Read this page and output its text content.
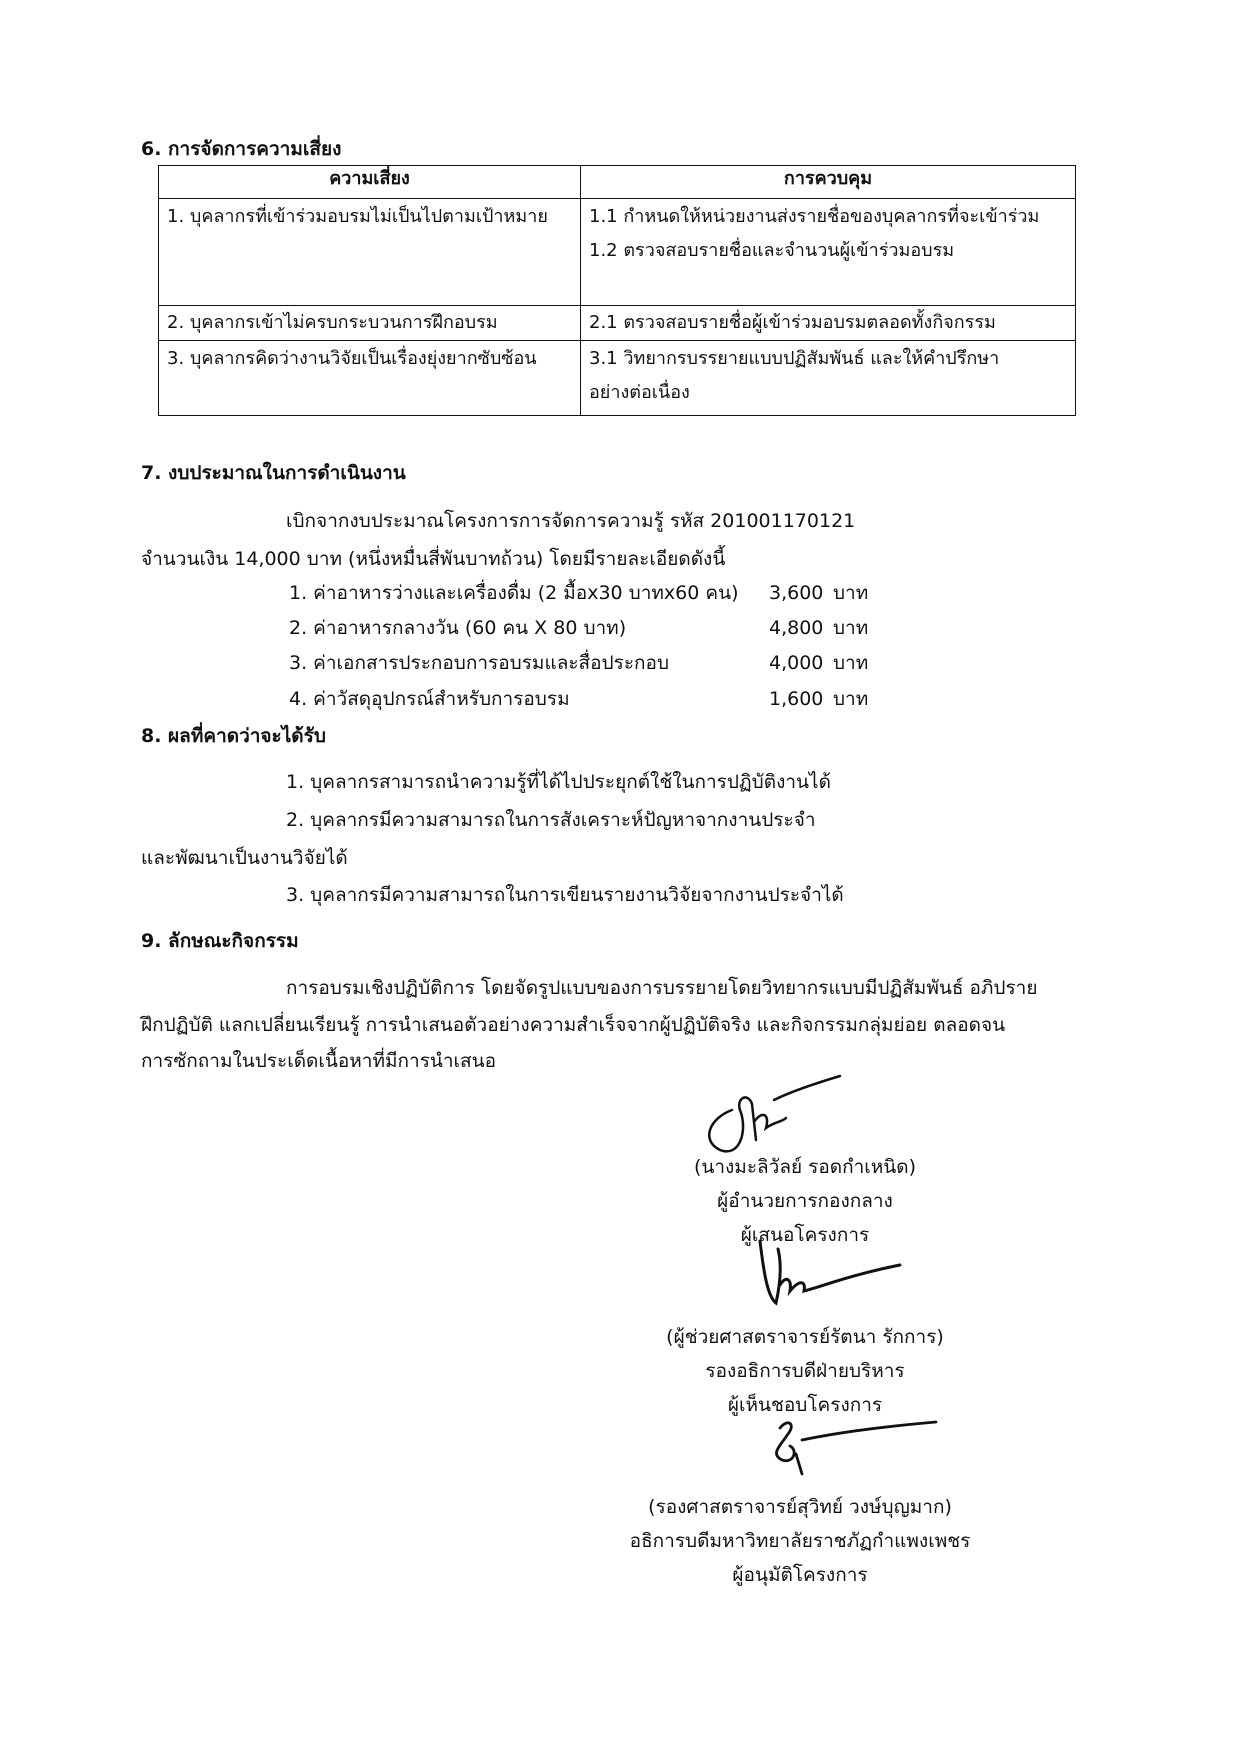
6. การจัดการความเสี่ยง
ความเสี่ยง	การควบคุม

1. บุคลากรที่เข้าร่วมอบรมไม่เป็นไปตามเป้าหมาย	1.1 กำหนดให้หน่วยงานส่งรายชื่อของบุคลากรที่จะเข้าร่วม
1.2 ตรวจสอบรายชื่อและจำนวนผู้เข้าร่วมอบรม

2. บุคลากรเข้าไม่ครบกระบวนการฝึกอบรม	2.1 ตรวจสอบรายชื่อผู้เข้าร่วมอบรมตลอดทั้งกิจกรรม

3. บุคลากรคิดว่างานวิจัยเป็นเรื่องยุ่งยากซับซ้อน	3.1 วิทยากรบรรยายแบบปฏิสัมพันธ์ และให้คำปรึกษา
อย่างต่อเนื่อง
7. งบประมาณในการดำเนินงาน
เบิกจากงบประมาณโครงการการจัดการความรู้ รหัส 201001170121
จำนวนเงิน 14,000 บาท (หนึ่งหมื่นสี่พันบาทถ้วน) โดยมีรายละเอียดดังนี้
1. ค่าอาหารว่างและเครื่องดื่ม (2 มื้อx30 บาทx60 คน) 3,600 บาท
2. ค่าอาหารกลางวัน (60 คน X 80 บาท)	4,800 บาท
3. ค่าเอกสารประกอบการอบรมและสื่อประกอบ	4,000 บาท
4. ค่าวัสดุอุปกรณ์สำหรับการอบรม	1,600 บาท
8. ผลที่คาดว่าจะได้รับ
1. บุคลากรสามารถนำความรู้ที่ได้ไปประยุกต์ใช้ในการปฏิบัติงานได้
2. บุคลากรมีความสามารถในการสังเคราะห์ปัญหาจากงานประจำ
และพัฒนาเป็นงานวิจัยได้
3. บุคลากรมีความสามารถในการเขียนรายงานวิจัยจากงานประจำได้
9. ลักษณะกิจกรรม
การอบรมเชิงปฏิบัติการ โดยจัดรูปแบบของการบรรยายโดยวิทยากรแบบมีปฏิสัมพันธ์ อภิปราย
ฝึกปฏิบัติ แลกเปลี่ยนเรียนรู้ การนำเสนอตัวอย่างความสำเร็จจากผู้ปฏิบัติจริง และกิจกรรมกลุ่มย่อย ตลอดจน
การซักถามในประเด็ดเนื้อหาที่มีการนำเสนอ
(นางมะลิวัลย์ รอดกำเหนิด)
ผู้อำนวยการกองกลาง
ผู้เสนอโครงการ
(ผู้ช่วยศาสตราจารย์รัตนา รักการ)
รองอธิการบดีฝ่ายบริหาร
ผู้เห็นชอบโครงการ
(รองศาสตราจารย์สุวิทย์ วงษ์บุญมาก)
อธิการบดีมหาวิทยาลัยราชภัฏกำแพงเพชร
ผู้อนุมัติโครงการ
